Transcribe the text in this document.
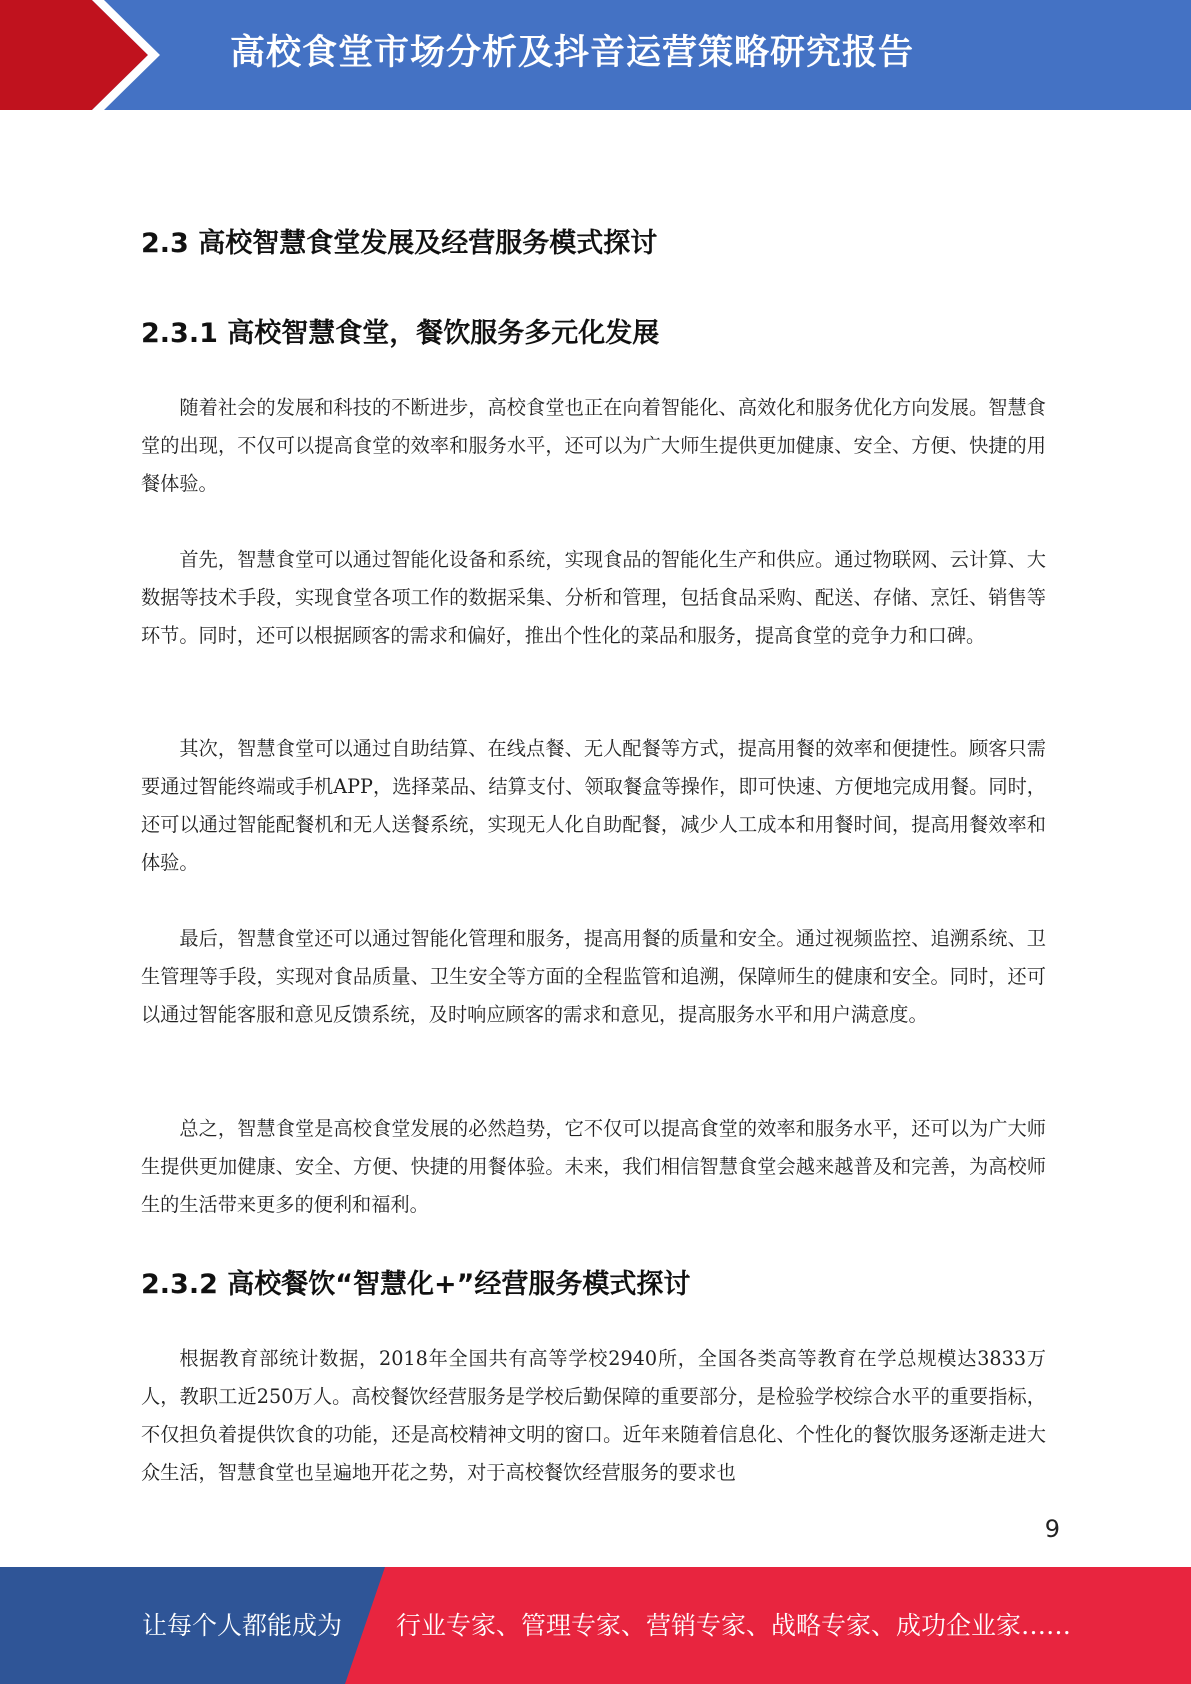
高校食堂市场分析及抖音运营策略研究报告
2.3 高校智慧食堂发展及经营服务模式探讨
2.3.1 高校智慧食堂，餐饮服务多元化发展

随着社会的发展和科技的不断进步，高校食堂也正在向着智能化、高效化和服务优化方向发展。智慧食堂的出现，不仅可以提高食堂的效率和服务水平，还可以为广大师生提供更加健康、安全、方便、快捷的用餐体验。

首先，智慧食堂可以通过智能化设备和系统，实现食品的智能化生产和供应。通过物联网、云计算、大数据等技术手段，实现食堂各项工作的数据采集、分析和管理，包括食品采购、配送、存储、烹饪、销售等环节。同时，还可以根据顾客的需求和偏好，推出个性化的菜品和服务，提高食堂的竞争力和口碑。

其次，智慧食堂可以通过自助结算、在线点餐、无人配餐等方式，提高用餐的效率和便捷性。顾客只需要通过智能终端或手机APP，选择菜品、结算支付、领取餐盒等操作，即可快速、方便地完成用餐。同时，还可以通过智能配餐机和无人送餐系统，实现无人化自助配餐，减少人工成本和用餐时间，提高用餐效率和体验。

最后，智慧食堂还可以通过智能化管理和服务，提高用餐的质量和安全。通过视频监控、追溯系统、卫生管理等手段，实现对食品质量、卫生安全等方面的全程监管和追溯，保障师生的健康和安全。同时，还可以通过智能客服和意见反馈系统，及时响应顾客的需求和意见，提高服务水平和用户满意度。

总之，智慧食堂是高校食堂发展的必然趋势，它不仅可以提高食堂的效率和服务水平，还可以为广大师生提供更加健康、安全、方便、快捷的用餐体验。未来，我们相信智慧食堂会越来越普及和完善，为高校师生的生活带来更多的便利和福利。

2.3.2 高校餐饮“智慧化+”经营服务模式探讨

根据教育部统计数据，2018年全国共有高等学校2940所，全国各类高等教育在学总规模达3833万人，教职工近250万人。高校餐饮经营服务是学校后勤保障的重要部分，是检验学校综合水平的重要指标，不仅担负着提供饮食的功能，还是高校精神文明的窗口。近年来随着信息化、个性化的餐饮服务逐渐走进大众生活，智慧食堂也呈遍地开花之势，对于高校餐饮经营服务的要求也

9
让每个人都能成为 行业专家、管理专家、营销专家、战略专家、成功企业家……
